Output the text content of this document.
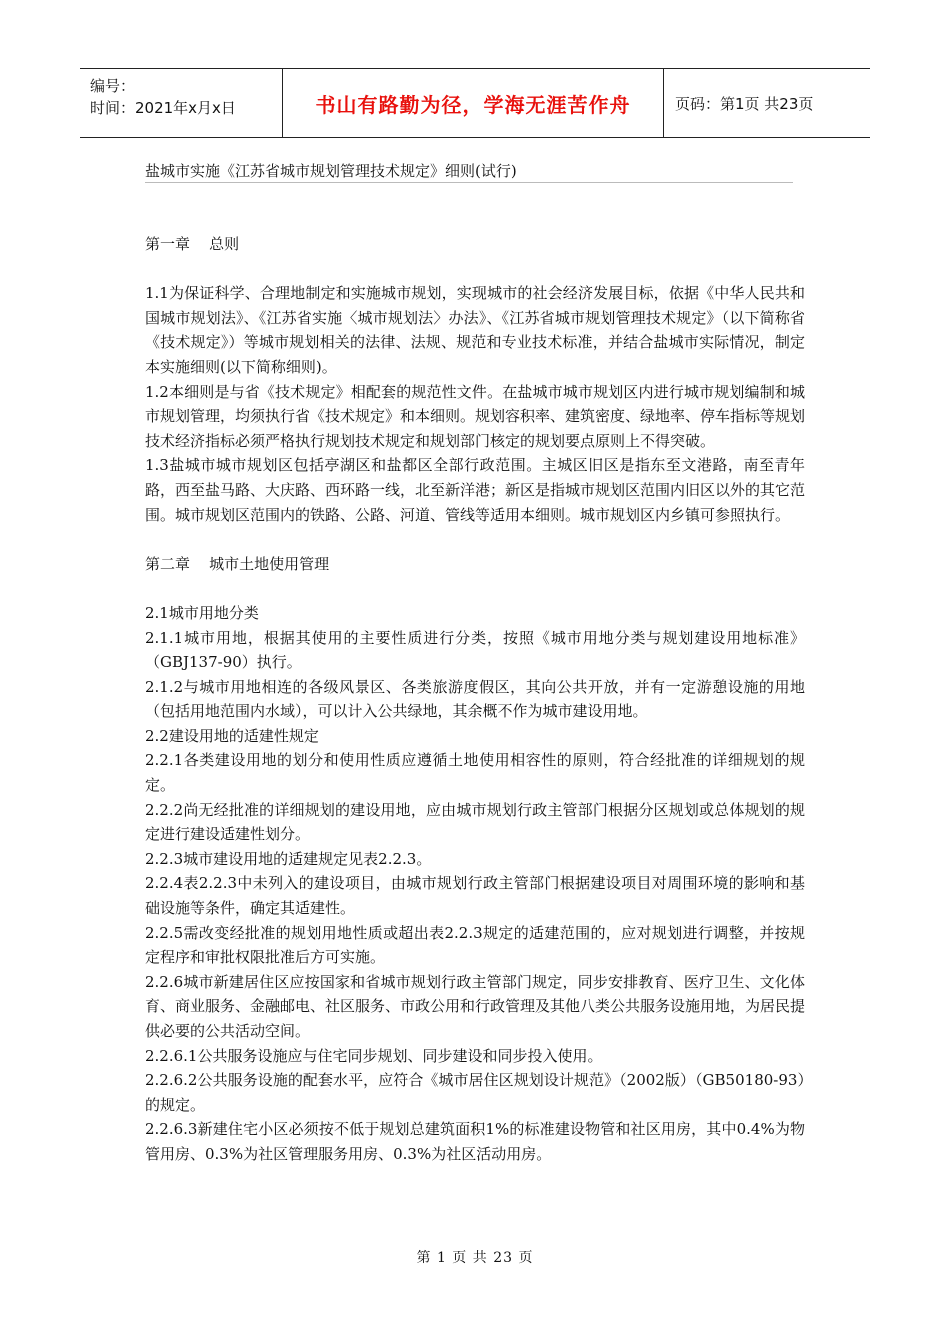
编号：
时间：2021年x月x日	书山有路勤为径，学海无涯苦作舟	页码：第1页 共23页
盐城市实施《江苏省城市规划管理技术规定》细则(试行)
第一章    总则

1.1为保证科学、合理地制定和实施城市规划，实现城市的社会经济发展目标，依据《中华人民共和国城市规划法》、《江苏省实施〈城市规划法〉办法》、《江苏省城市规划管理技术规定》（以下简称省《技术规定》）等城市规划相关的法律、法规、规范和专业技术标准，并结合盐城市实际情况，制定本实施细则(以下简称细则)。

1.2本细则是与省《技术规定》相配套的规范性文件。在盐城市城市规划区内进行城市规划编制和城市规划管理，均须执行省《技术规定》和本细则。规划容积率、建筑密度、绿地率、停车指标等规划技术经济指标必须严格执行规划技术规定和规划部门核定的规划要点原则上不得突破。

1.3盐城市城市规划区包括亭湖区和盐都区全部行政范围。主城区旧区是指东至文港路，南至青年路，西至盐马路、大庆路、西环路一线，北至新洋港；新区是指城市规划区范围内旧区以外的其它范围。城市规划区范围内的铁路、公路、河道、管线等适用本细则。城市规划区内乡镇可参照执行。

第二章    城市土地使用管理

2.1城市用地分类

2.1.1城市用地，根据其使用的主要性质进行分类，按照《城市用地分类与规划建设用地标准》（GBJ137-90）执行。

2.1.2与城市用地相连的各级风景区、各类旅游度假区，其向公共开放，并有一定游憩设施的用地（包括用地范围内水域），可以计入公共绿地，其余概不作为城市建设用地。

2.2建设用地的适建性规定

2.2.1各类建设用地的划分和使用性质应遵循土地使用相容性的原则，符合经批准的详细规划的规定。

2.2.2尚无经批准的详细规划的建设用地，应由城市规划行政主管部门根据分区规划或总体规划的规定进行建设适建性划分。

2.2.3城市建设用地的适建规定见表2.2.3。

2.2.4表2.2.3中未列入的建设项目，由城市规划行政主管部门根据建设项目对周围环境的影响和基础设施等条件，确定其适建性。

2.2.5需改变经批准的规划用地性质或超出表2.2.3规定的适建范围的，应对规划进行调整，并按规定程序和审批权限批准后方可实施。

2.2.6城市新建居住区应按国家和省城市规划行政主管部门规定，同步安排教育、医疗卫生、文化体育、商业服务、金融邮电、社区服务、市政公用和行政管理及其他八类公共服务设施用地，为居民提供必要的公共活动空间。

2.2.6.1公共服务设施应与住宅同步规划、同步建设和同步投入使用。

2.2.6.2公共服务设施的配套水平，应符合《城市居住区规划设计规范》（2002版）（GB50180-93）的规定。

2.2.6.3新建住宅小区必须按不低于规划总建筑面积1%的标准建设物管和社区用房，其中0.4%为物管用房、0.3%为社区管理服务用房、0.3%为社区活动用房。

第 1 页 共 23 页
